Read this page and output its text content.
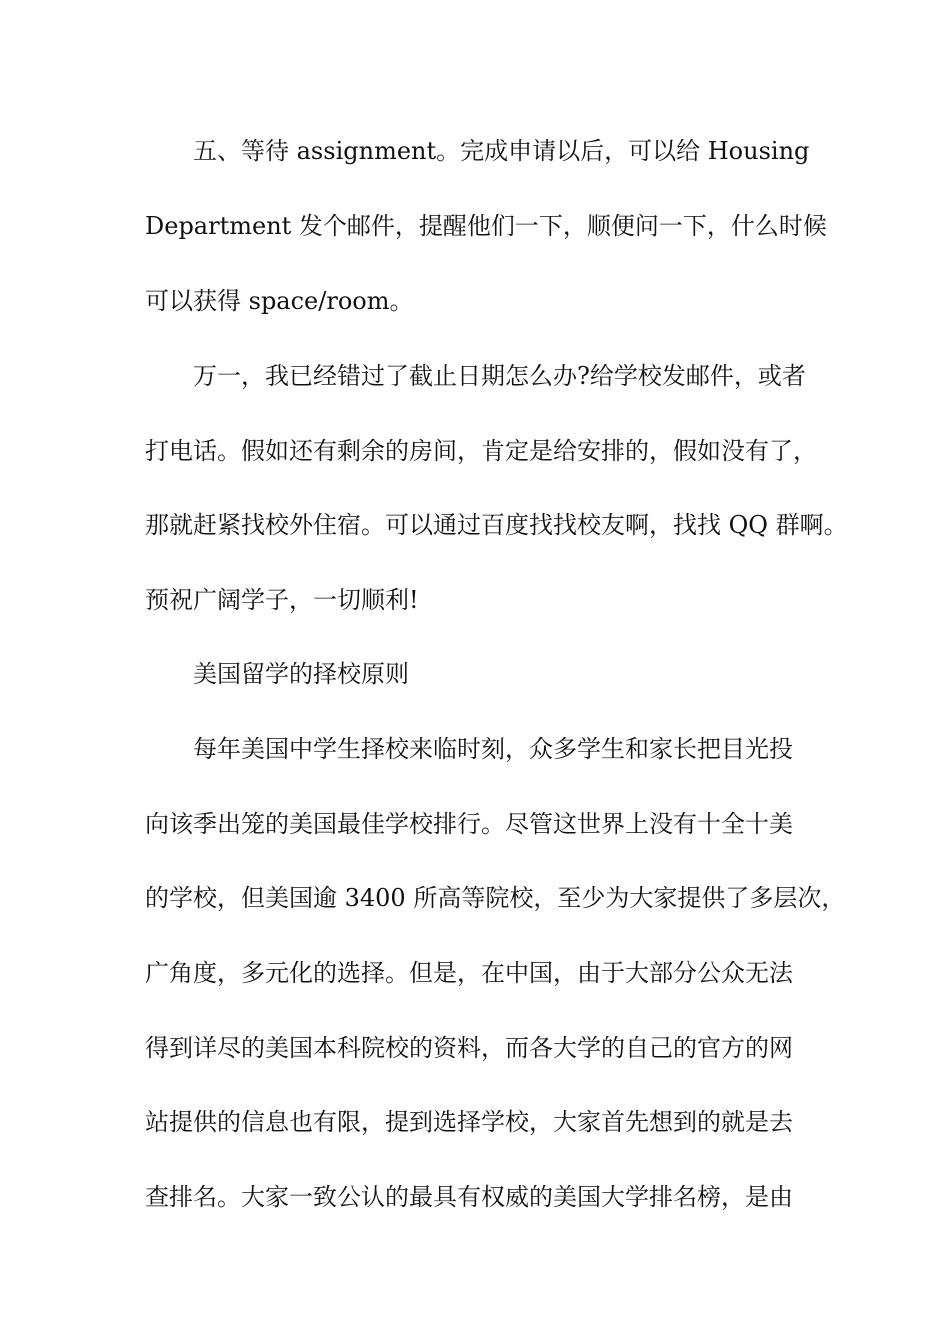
五、等待 assignment。完成申请以后，可以给 Housing
Department 发个邮件，提醒他们一下，顺便问一下，什么时候
可以获得 space/room。
万一，我已经错过了截止日期怎么办?给学校发邮件，或者
打电话。假如还有剩余的房间，肯定是给安排的，假如没有了，
那就赶紧找校外住宿。可以通过百度找找校友啊，找找 QQ 群啊。
预祝广阔学子，一切顺利!
美国留学的择校原则
每年美国中学生择校来临时刻，众多学生和家长把目光投
向该季出笼的美国最佳学校排行。尽管这世界上没有十全十美
的学校，但美国逾 3400 所高等院校，至少为大家提供了多层次，
广角度，多元化的选择。但是，在中国，由于大部分公众无法
得到详尽的美国本科院校的资料，而各大学的自己的官方的网
站提供的信息也有限，提到选择学校，大家首先想到的就是去
查排名。大家一致公认的最具有权威的美国大学排名榜，是由
